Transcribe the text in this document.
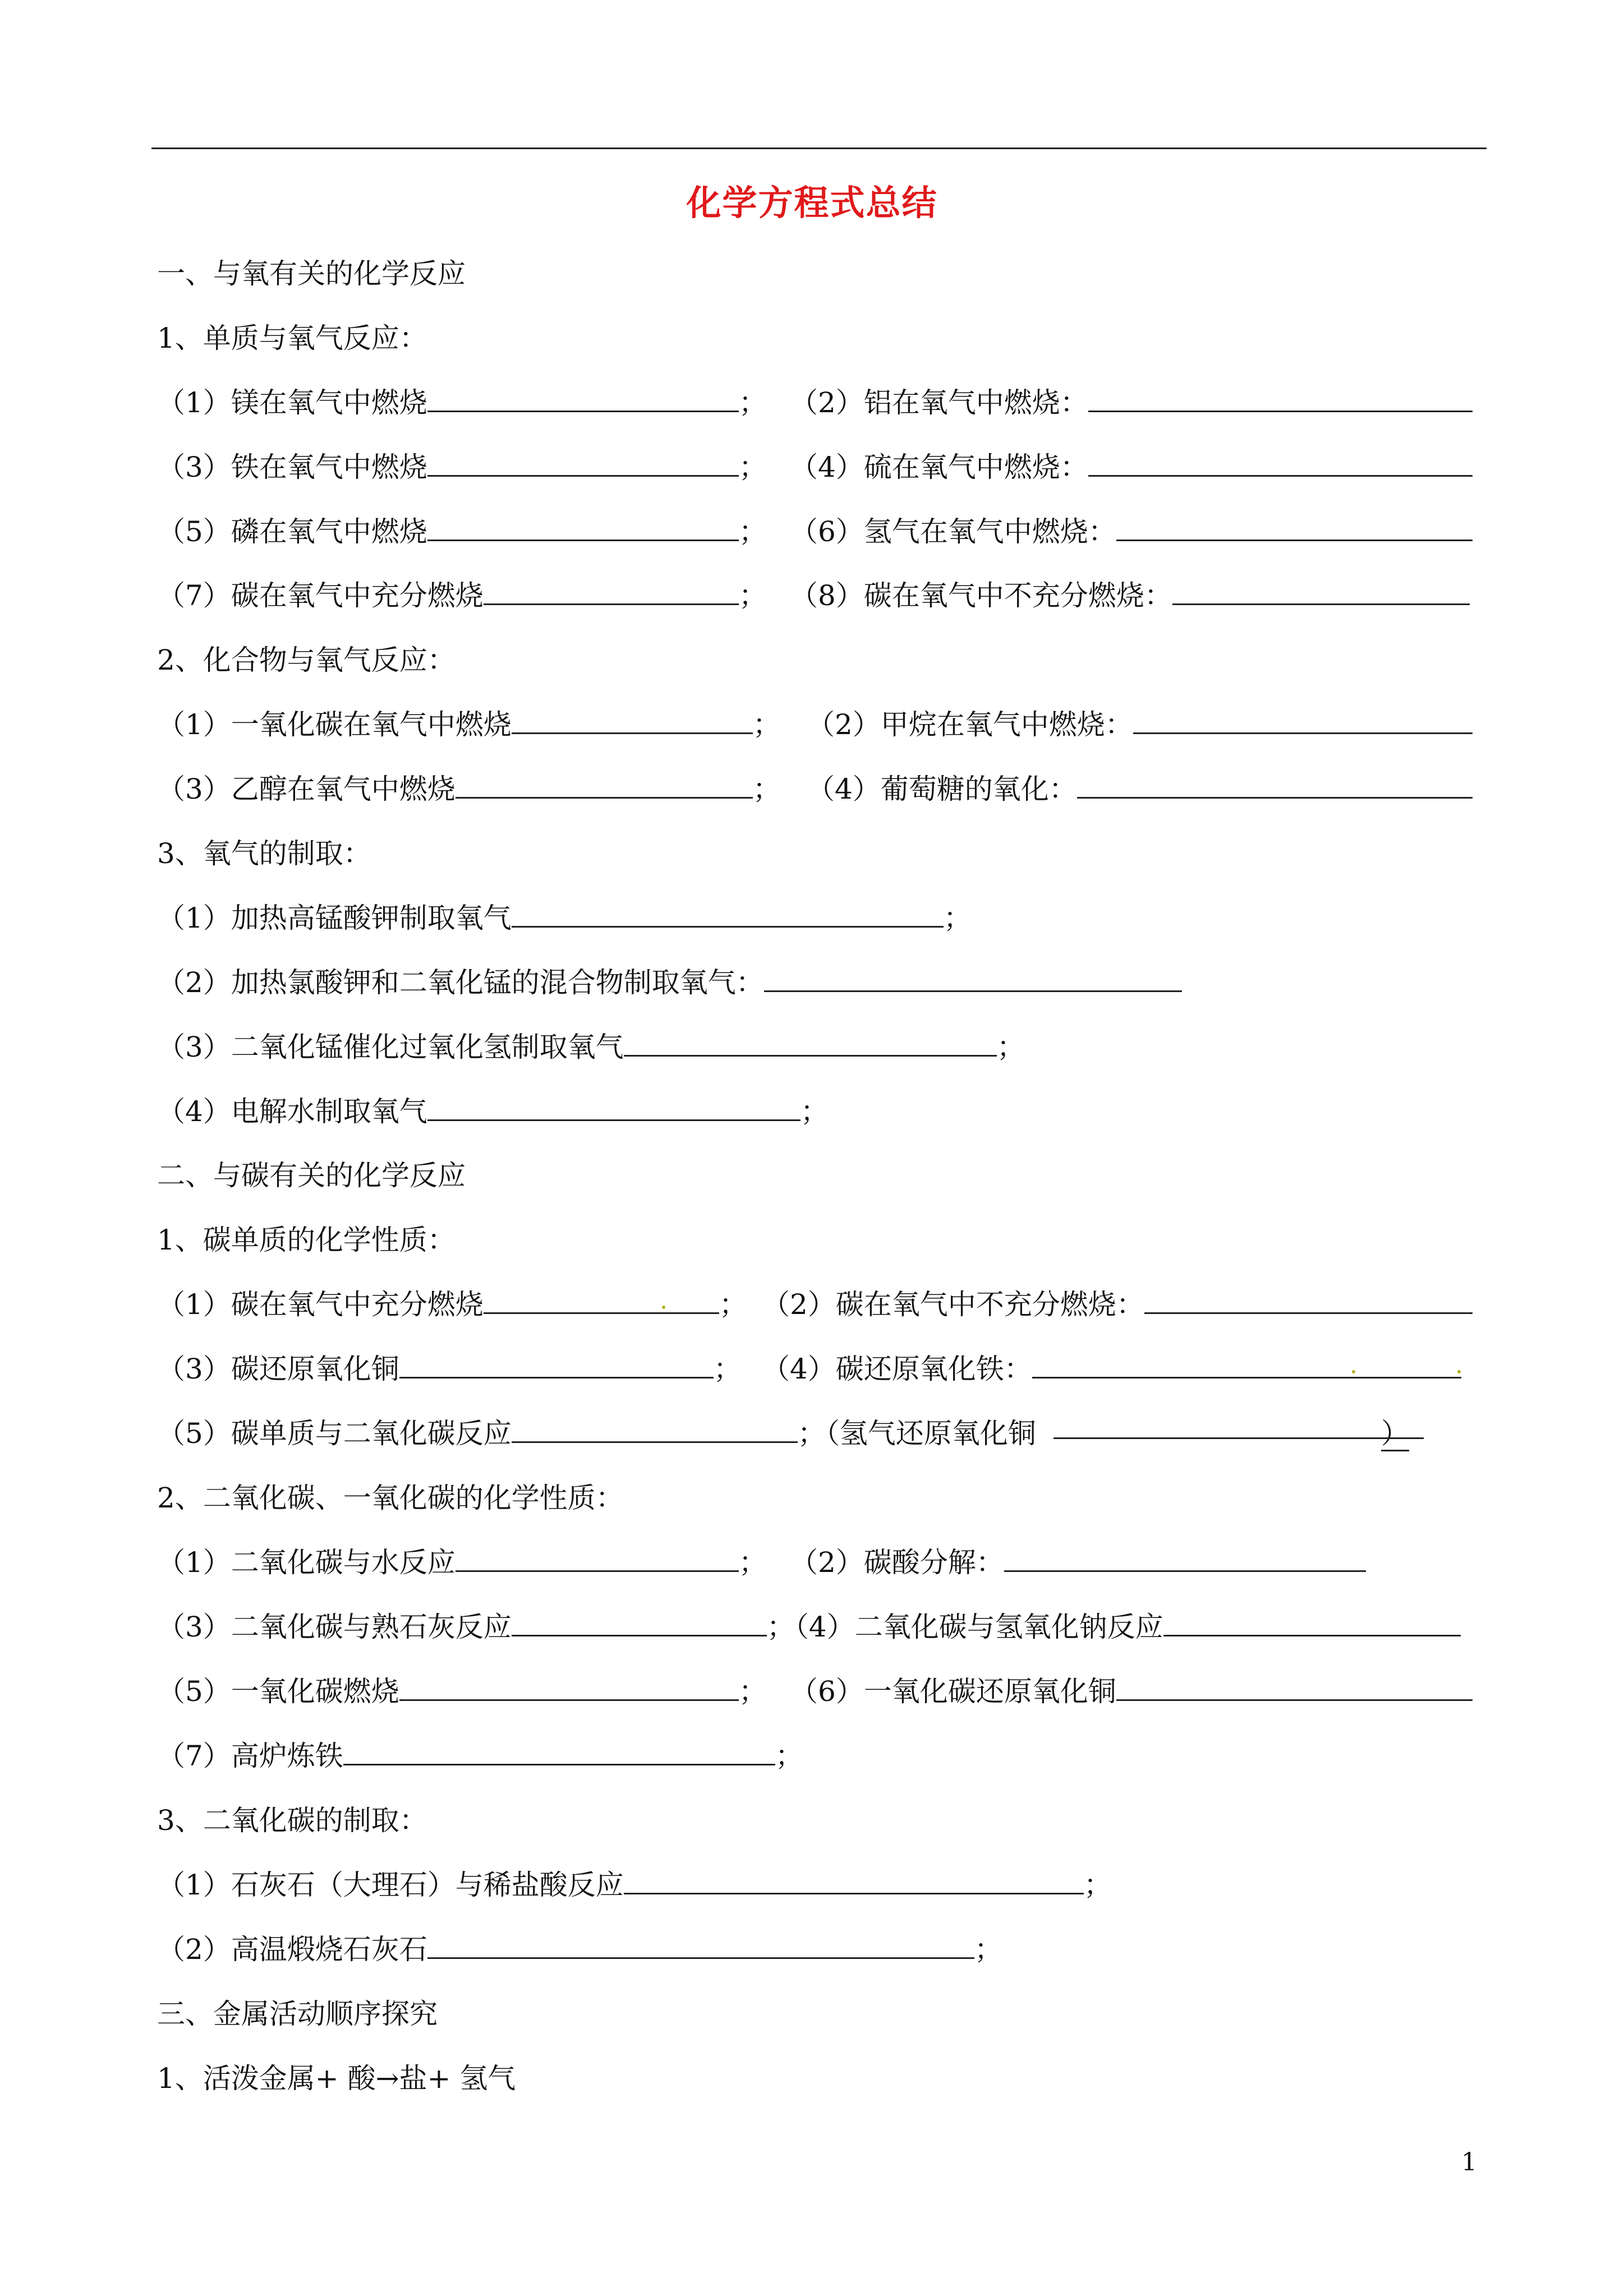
化学方程式总结
一、与氧有关的化学反应
1、单质与氧气反应：
（1）镁在氧气中燃烧	； （2）铝在氧气中燃烧：
（3）铁在氧气中燃烧	； （4）硫在氧气中燃烧：
（5）磷在氧气中燃烧	； （6）氢气在氧气中燃烧：
（7）碳在氧气中充分燃烧	； （8）碳在氧气中不充分燃烧：
2、化合物与氧气反应：
（1）一氧化碳在氧气中燃烧	； （2）甲烷在氧气中燃烧：
（3）乙醇在氧气中燃烧	； （4）葡萄糖的氧化：
3、氧气的制取：
（1）加热高锰酸钾制取氧气	；
（2）加热氯酸钾和二氧化锰的混合物制取氧气：
（3）二氧化锰催化过氧化氢制取氧气	；
（4）电解水制取氧气	；
二、与碳有关的化学反应
1、碳单质的化学性质：
（1）碳在氧气中充分燃烧	； （2）碳在氧气中不充分燃烧：
（3）碳还原氧化铜	； （4）碳还原氧化铁：
（5）碳单质与二氧化碳反应	；（氢气还原氧化铜	）
2、二氧化碳、一氧化碳的化学性质：
（1）二氧化碳与水反应	； （2）碳酸分解：
（3）二氧化碳与熟石灰反应	；（4）二氧化碳与氢氧化钠反应
（5）一氧化碳燃烧	； （6）一氧化碳还原氧化铜
（7）高炉炼铁	；
3、二氧化碳的制取：
（1）石灰石（大理石）与稀盐酸反应	；
（2）高温煅烧石灰石	；
三、金属活动顺序探究
1、活泼金属+ 酸→盐+ 氢气
1
